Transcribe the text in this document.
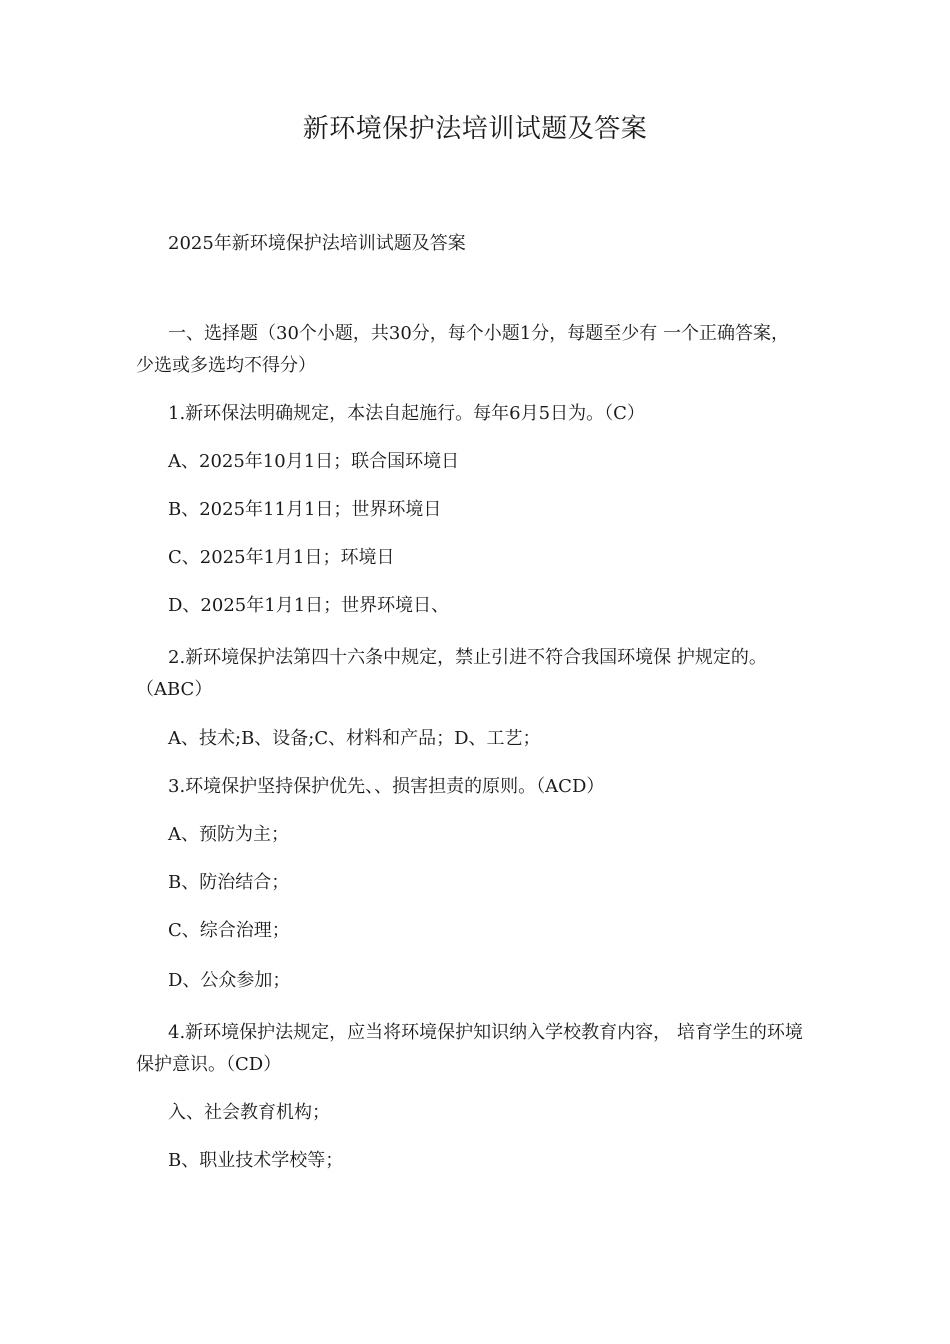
新环境保护法培训试题及答案
2025年新环境保护法培训试题及答案
一、选择题（30个小题，共30分，每个小题1分，每题至少有 一个正确答案，少选或多选均不得分）
1.新环保法明确规定，本法自起施行。每年6月5日为。（C）
A、2025年10月1日；联合国环境日
B、2025年11月1日；世界环境日
C、2025年1月1日；环境日
D、2025年1月1日；世界环境日、
2.新环境保护法第四十六条中规定，禁止引进不符合我国环境保 护规定的。（ABC）
A、技术;B、设备;C、材料和产品；D、工艺；
3.环境保护坚持保护优先、、损害担责的原则。（ACD）
A、预防为主；
B、防治结合；
C、综合治理；
D、公众参加；
4.新环境保护法规定，应当将环境保护知识纳入学校教育内容， 培育学生的环境保护意识。（CD）
入、社会教育机构；
B、职业技术学校等；
